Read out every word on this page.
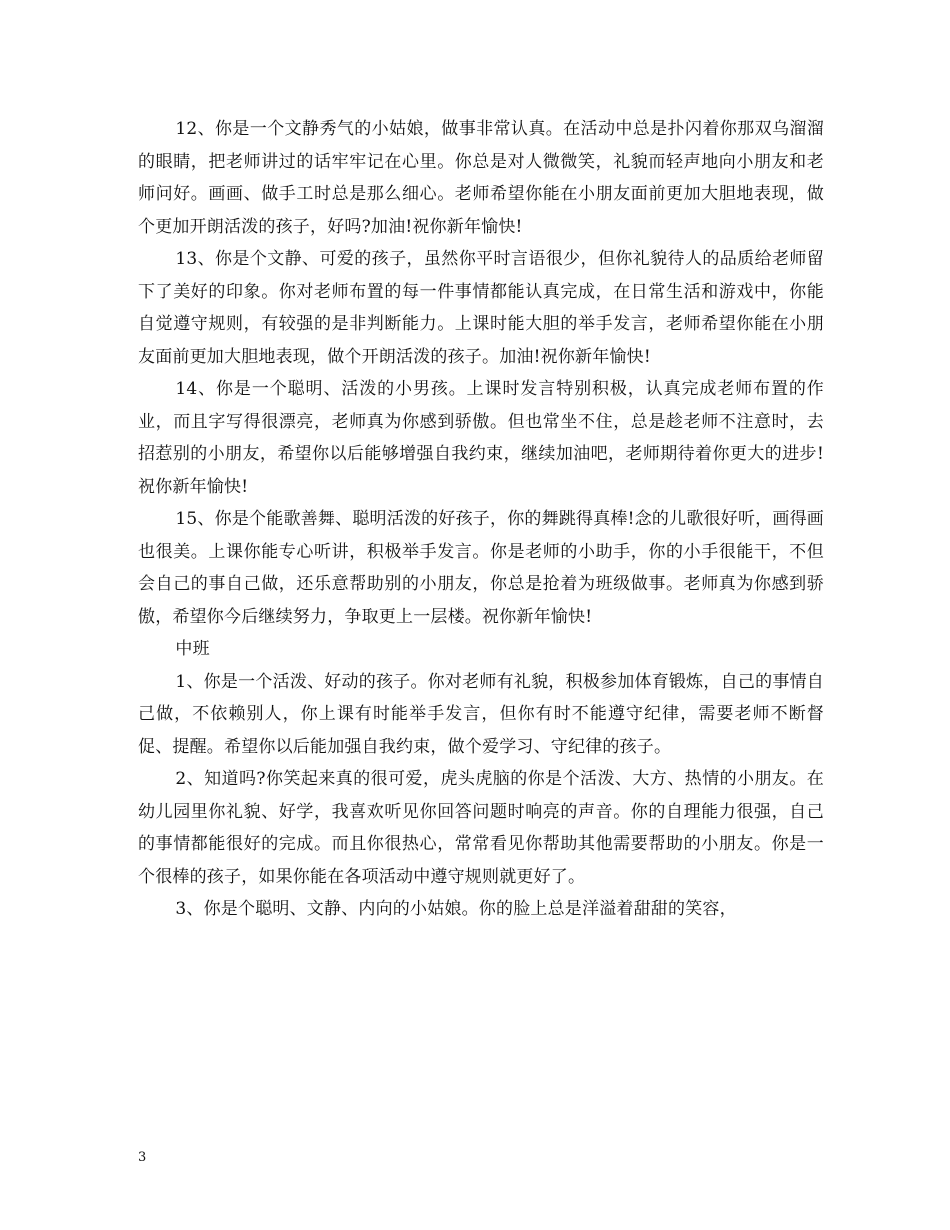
12、你是一个文静秀气的小姑娘，做事非常认真。在活动中总是扑闪着你那双乌溜溜的眼睛，把老师讲过的话牢牢记在心里。你总是对人微微笑，礼貌而轻声地向小朋友和老师问好。画画、做手工时总是那么细心。老师希望你能在小朋友面前更加大胆地表现，做个更加开朗活泼的孩子，好吗?加油!祝你新年愉快!

13、你是个文静、可爱的孩子，虽然你平时言语很少，但你礼貌待人的品质给老师留下了美好的印象。你对老师布置的每一件事情都能认真完成，在日常生活和游戏中，你能自觉遵守规则，有较强的是非判断能力。上课时能大胆的举手发言，老师希望你能在小朋友面前更加大胆地表现，做个开朗活泼的孩子。加油!祝你新年愉快!

14、你是一个聪明、活泼的小男孩。上课时发言特别积极，认真完成老师布置的作业，而且字写得很漂亮，老师真为你感到骄傲。但也常坐不住，总是趁老师不注意时，去招惹别的小朋友，希望你以后能够增强自我约束，继续加油吧，老师期待着你更大的进步!祝你新年愉快!

15、你是个能歌善舞、聪明活泼的好孩子，你的舞跳得真棒!念的儿歌很好听，画得画也很美。上课你能专心听讲，积极举手发言。你是老师的小助手，你的小手很能干，不但会自己的事自己做，还乐意帮助别的小朋友，你总是抢着为班级做事。老师真为你感到骄傲，希望你今后继续努力，争取更上一层楼。祝你新年愉快!

中班

1、你是一个活泼、好动的孩子。你对老师有礼貌，积极参加体育锻炼，自己的事情自己做，不依赖别人，你上课有时能举手发言，但你有时不能遵守纪律，需要老师不断督促、提醒。希望你以后能加强自我约束，做个爱学习、守纪律的孩子。

2、知道吗?你笑起来真的很可爱，虎头虎脑的你是个活泼、大方、热情的小朋友。在幼儿园里你礼貌、好学，我喜欢听见你回答问题时响亮的声音。你的自理能力很强，自己的事情都能很好的完成。而且你很热心，常常看见你帮助其他需要帮助的小朋友。你是一个很棒的孩子，如果你能在各项活动中遵守规则就更好了。

3、你是个聪明、文静、内向的小姑娘。你的脸上总是洋溢着甜甜的笑容，

3
